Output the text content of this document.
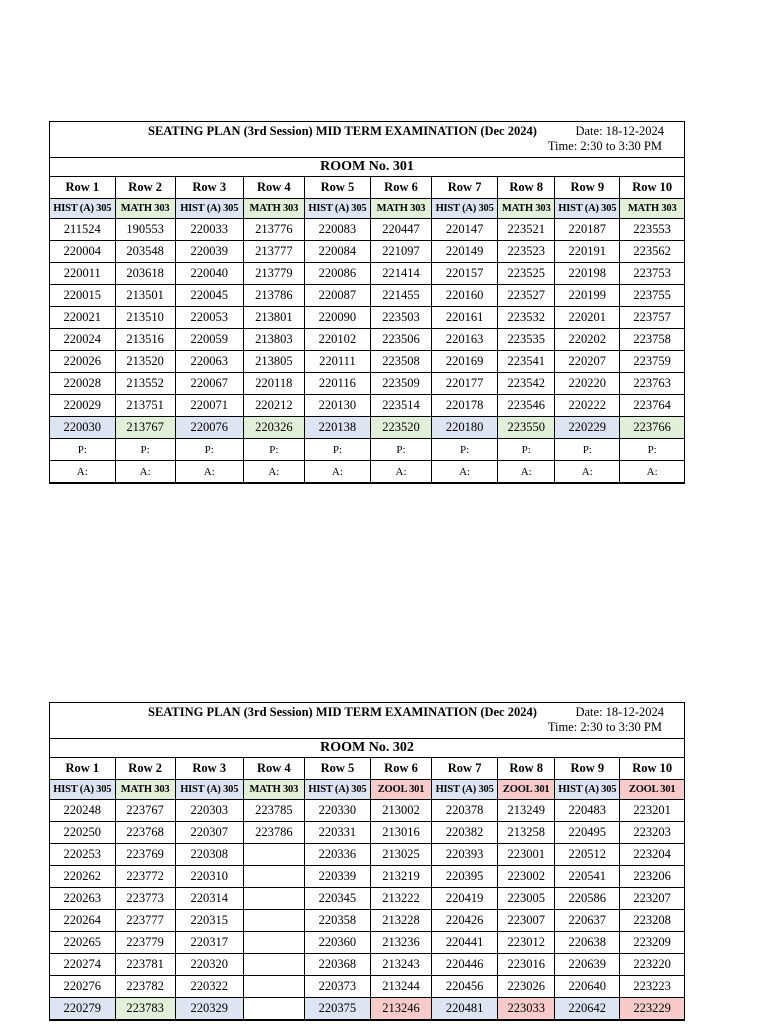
SEATING PLAN (3rd Session) MID TERM EXAMINATION (Dec 2024)	Date: 18-12-2024
Time: 2:30 to 3:30 PM
ROOM No. 301
Row 1	Row 2	Row 3	Row 4	Row 5	Row 6	Row 7	Row 8	Row 9	Row 10
HIST (A) 305	MATH 303	HIST (A) 305	MATH 303	HIST (A) 305	MATH 303	HIST (A) 305	MATH 303	HIST (A) 305	MATH 303
211524	190553	220033	213776	220083	220447	220147	223521	220187	223553
220004	203548	220039	213777	220084	221097	220149	223523	220191	223562
220011	203618	220040	213779	220086	221414	220157	223525	220198	223753
220015	213501	220045	213786	220087	221455	220160	223527	220199	223755
220021	213510	220053	213801	220090	223503	220161	223532	220201	223757
220024	213516	220059	213803	220102	223506	220163	223535	220202	223758
220026	213520	220063	213805	220111	223508	220169	223541	220207	223759
220028	213552	220067	220118	220116	223509	220177	223542	220220	223763
220029	213751	220071	220212	220130	223514	220178	223546	220222	223764
220030	213767	220076	220326	220138	223520	220180	223550	220229	223766
P:	P:	P:	P:	P:	P:	P:	P:	P:	P:
A:	A:	A:	A:	A:	A:	A:	A:	A:	A:
SEATING PLAN (3rd Session) MID TERM EXAMINATION (Dec 2024)	Date: 18-12-2024
Time: 2:30 to 3:30 PM
ROOM No. 302
Row 1	Row 2	Row 3	Row 4	Row 5	Row 6	Row 7	Row 8	Row 9	Row 10
HIST (A) 305	MATH 303	HIST (A) 305	MATH 303	HIST (A) 305	ZOOL 301	HIST (A) 305	ZOOL 301	HIST (A) 305	ZOOL 301
220248	223767	220303	223785	220330	213002	220378	213249	220483	223201
220250	223768	220307	223786	220331	213016	220382	213258	220495	223203
220253	223769	220308		220336	213025	220393	223001	220512	223204
220262	223772	220310		220339	213219	220395	223002	220541	223206
220263	223773	220314		220345	213222	220419	223005	220586	223207
220264	223777	220315		220358	213228	220426	223007	220637	223208
220265	223779	220317		220360	213236	220441	223012	220638	223209
220274	223781	220320		220368	213243	220446	223016	220639	223220
220276	223782	220322		220373	213244	220456	223026	220640	223223
220279	223783	220329		220375	213246	220481	223033	220642	223229
